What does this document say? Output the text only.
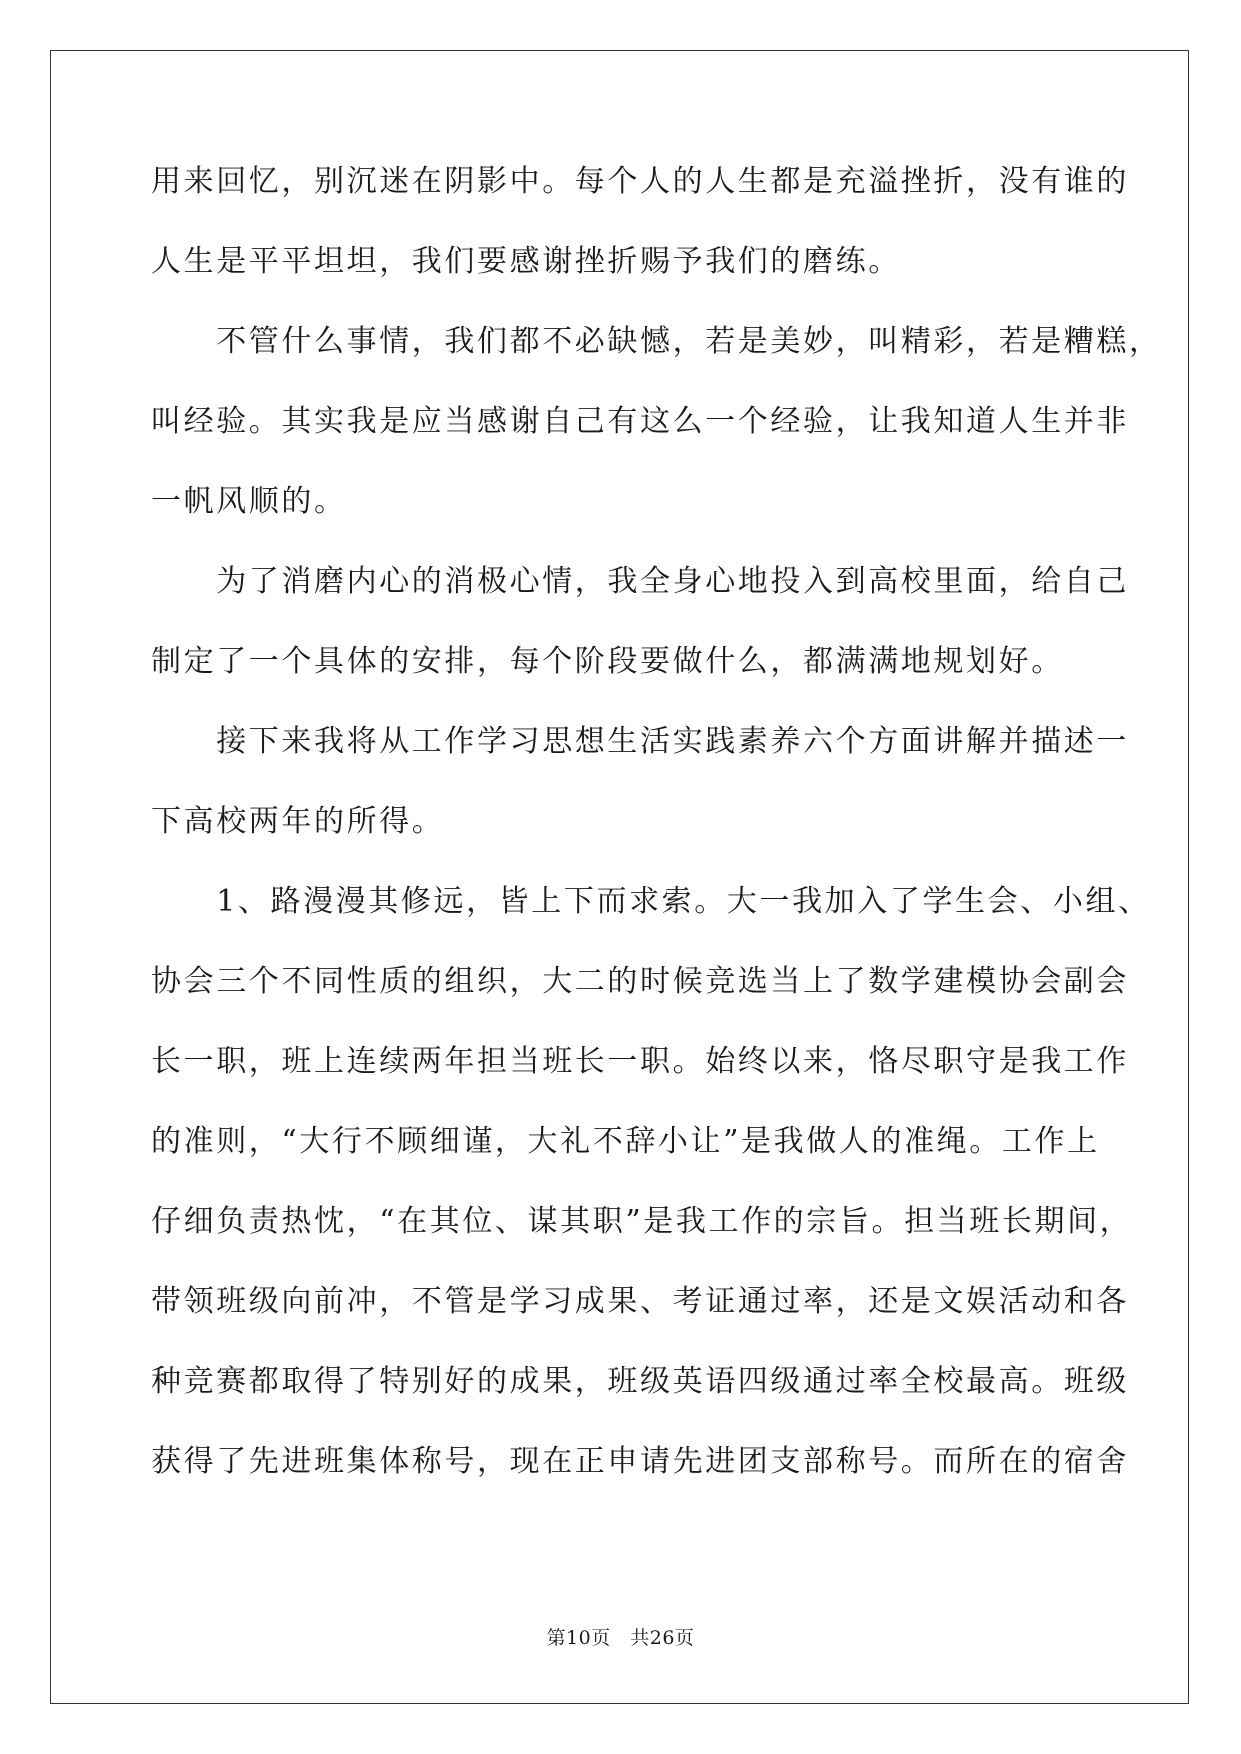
用来回忆，别沉迷在阴影中。每个人的人生都是充溢挫折，没有谁的
人生是平平坦坦，我们要感谢挫折赐予我们的磨练。
　　不管什么事情，我们都不必缺憾，若是美妙，叫精彩，若是糟糕，
叫经验。其实我是应当感谢自己有这么一个经验，让我知道人生并非
一帆风顺的。
　　为了消磨内心的消极心情，我全身心地投入到高校里面，给自己
制定了一个具体的安排，每个阶段要做什么，都满满地规划好。
　　接下来我将从工作学习思想生活实践素养六个方面讲解并描述一
下高校两年的所得。
　　1、路漫漫其修远，皆上下而求索。大一我加入了学生会、小组、
协会三个不同性质的组织，大二的时候竞选当上了数学建模协会副会
长一职，班上连续两年担当班长一职。始终以来，恪尽职守是我工作
的准则，“大行不顾细谨，大礼不辞小让”是我做人的准绳。工作上
仔细负责热忱，“在其位、谋其职”是我工作的宗旨。担当班长期间，
带领班级向前冲，不管是学习成果、考证通过率，还是文娱活动和各
种竞赛都取得了特别好的成果，班级英语四级通过率全校最高。班级
获得了先进班集体称号，现在正申请先进团支部称号。而所在的宿舍
第10页　共26页
